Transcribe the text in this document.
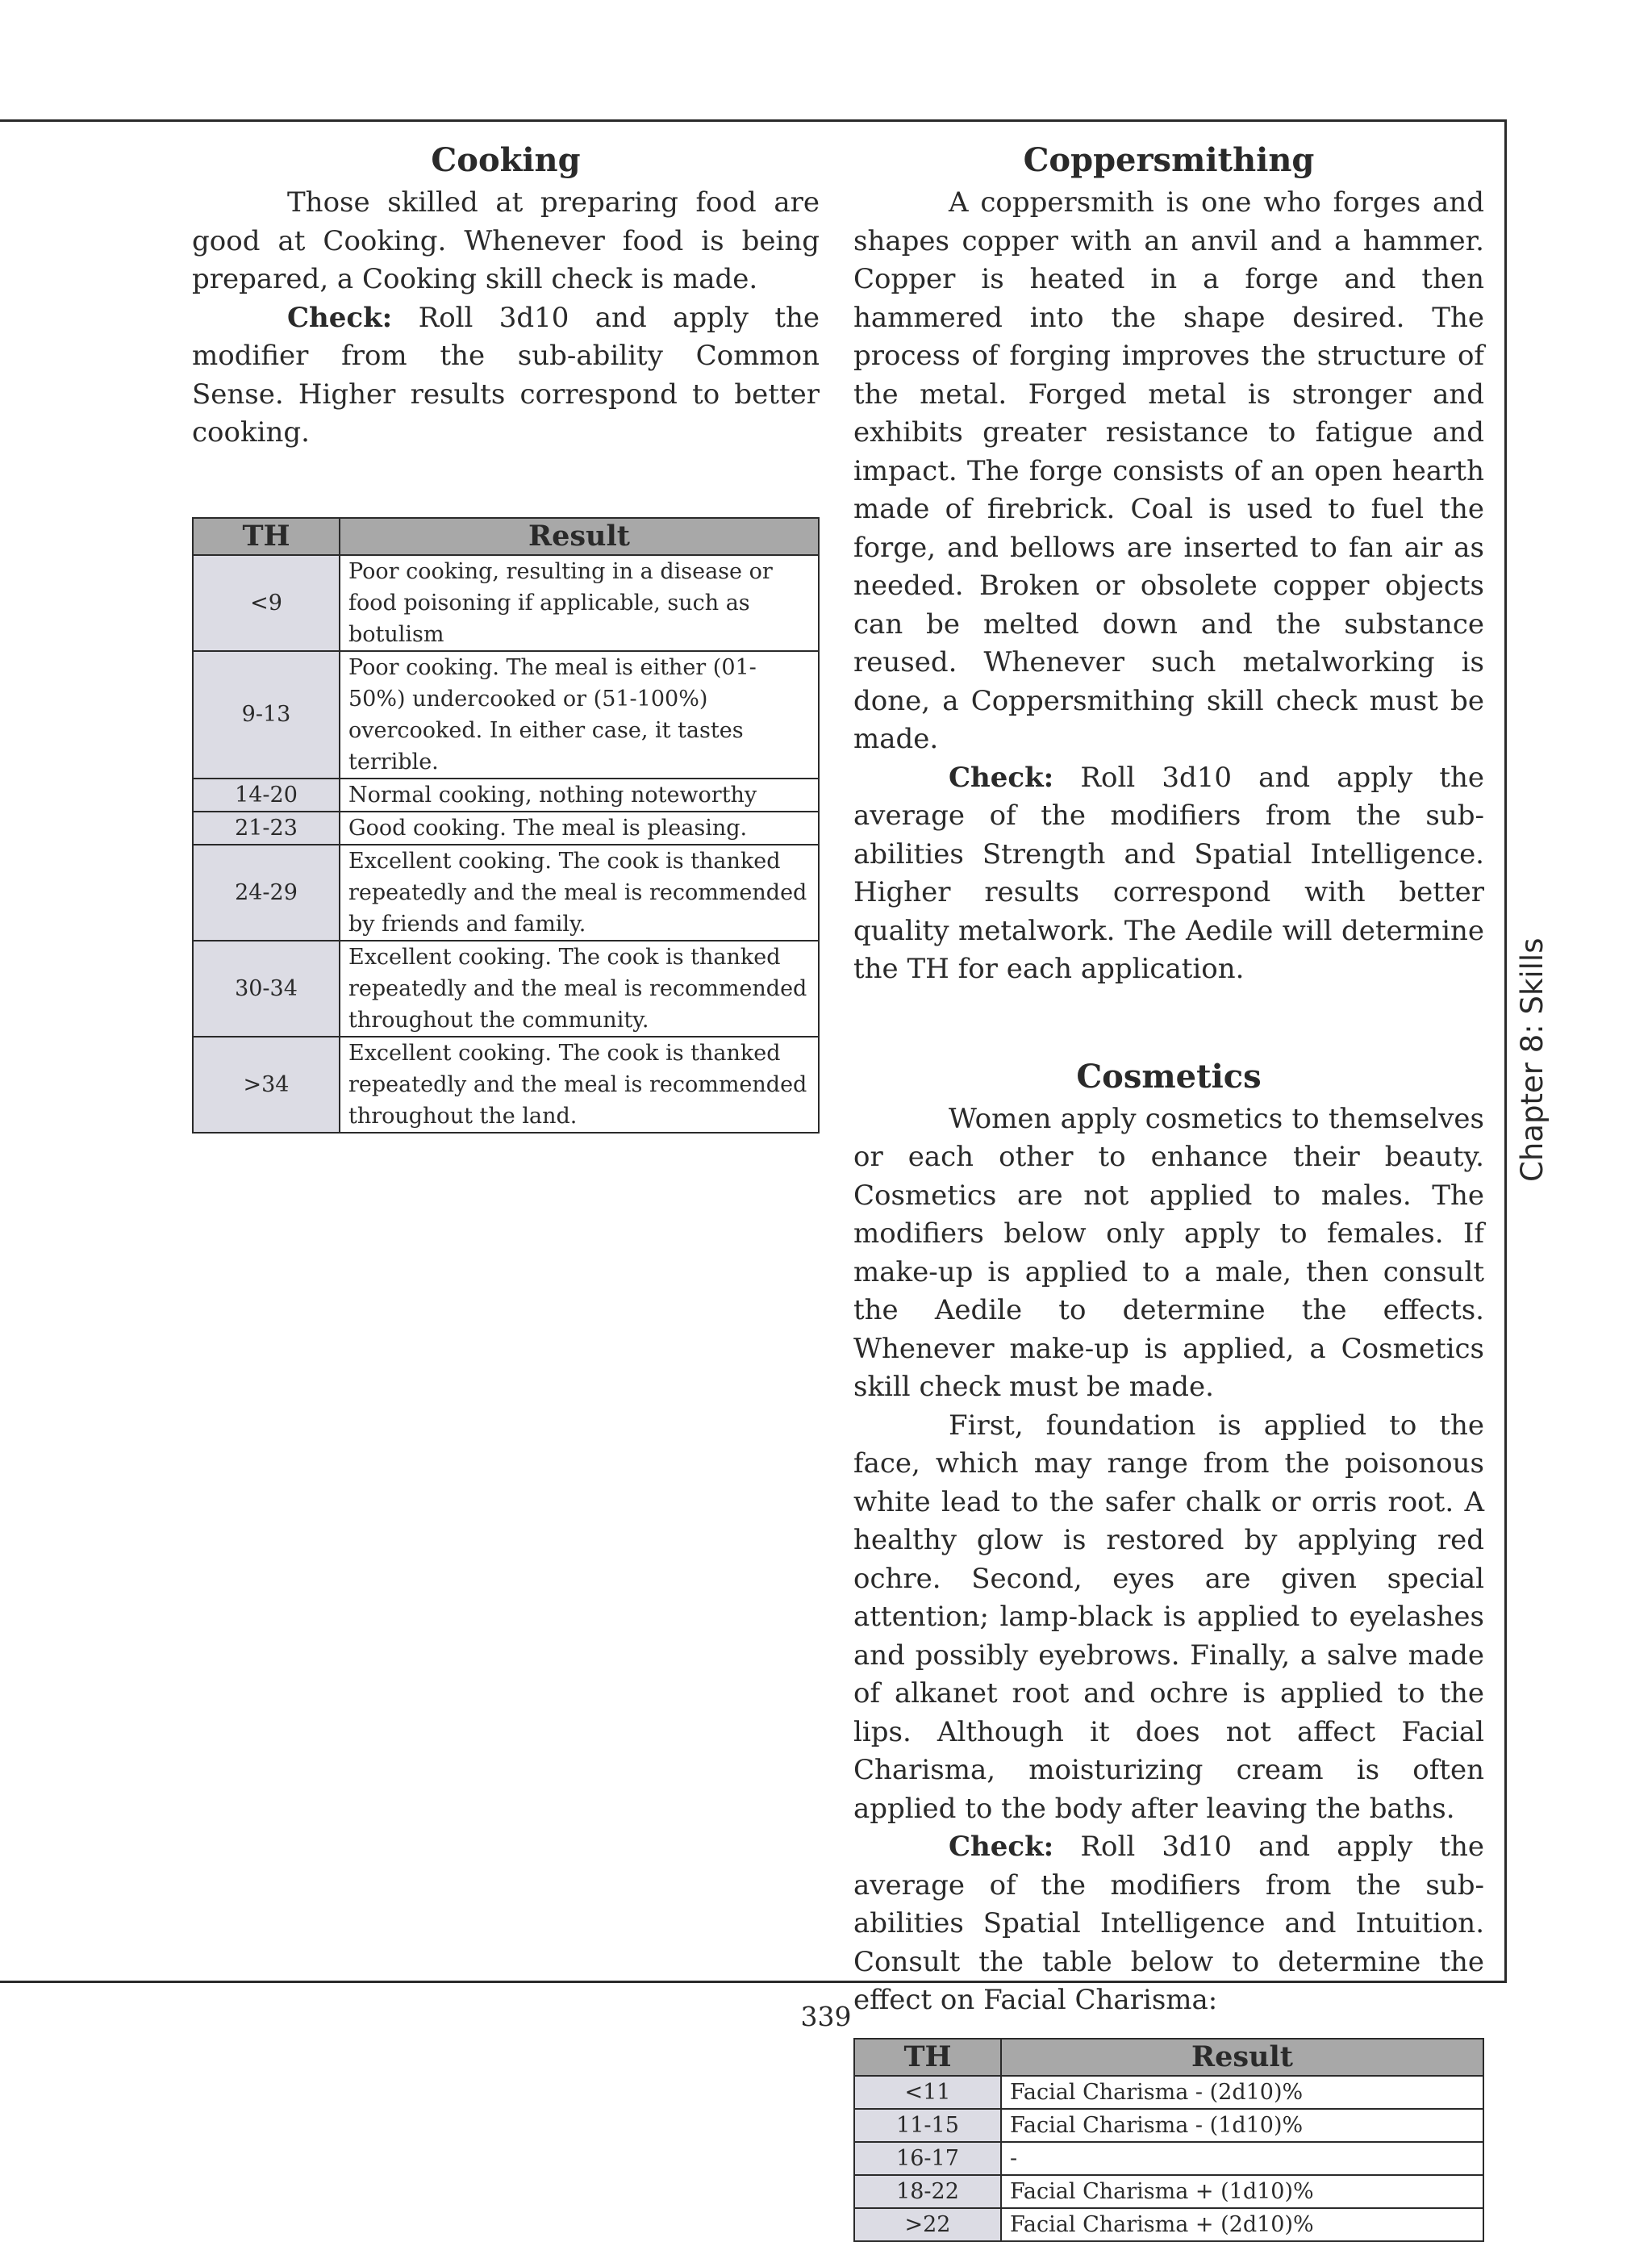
Cooking

Those skilled at preparing food are good at Cooking. Whenever food is being prepared, a Cooking skill check is made.

Check: Roll 3d10 and apply the modifier from the sub-ability Common Sense. Higher results correspond to better cooking.

TH	Result
<9	Poor cooking, resulting in a disease or food poisoning if applicable, such as botulism
9-13	Poor cooking. The meal is either (01-50%) undercooked or (51-100%) overcooked. In either case, it tastes terrible.
14-20	Normal cooking, nothing noteworthy
21-23	Good cooking. The meal is pleasing.
24-29	Excellent cooking. The cook is thanked repeatedly and the meal is recommended by friends and family.
30-34	Excellent cooking. The cook is thanked repeatedly and the meal is recommended throughout the community.
>34	Excellent cooking. The cook is thanked repeatedly and the meal is recommended throughout the land.
Coppersmithing

A coppersmith is one who forges and shapes copper with an anvil and a hammer. Copper is heated in a forge and then hammered into the shape desired. The process of forging improves the structure of the metal. Forged metal is stronger and exhibits greater resistance to fatigue and impact. The forge consists of an open hearth made of firebrick. Coal is used to fuel the forge, and bellows are inserted to fan air as needed. Broken or obsolete copper objects can be melted down and the substance reused. Whenever such metalworking is done, a Coppersmithing skill check must be made.

Check: Roll 3d10 and apply the average of the modifiers from the sub-abilities Strength and Spatial Intelligence. Higher results correspond with better quality metalwork. The Aedile will determine the TH for each application.

Cosmetics

Women apply cosmetics to themselves or each other to enhance their beauty. Cosmetics are not applied to males. The modifiers below only apply to females. If make-up is applied to a male, then consult the Aedile to determine the effects. Whenever make-up is applied, a Cosmetics skill check must be made.

First, foundation is applied to the face, which may range from the poisonous white lead to the safer chalk or orris root. A healthy glow is restored by applying red ochre. Second, eyes are given special attention; lamp-black is applied to eyelashes and possibly eyebrows. Finally, a salve made of alkanet root and ochre is applied to the lips. Although it does not affect Facial Charisma, moisturizing cream is often applied to the body after leaving the baths.

Check: Roll 3d10 and apply the average of the modifiers from the sub-abilities Spatial Intelligence and Intuition. Consult the table below to determine the effect on Facial Charisma:

TH	Result
<11	Facial Charisma - (2d10)%
11-15	Facial Charisma - (1d10)%
16-17	-
18-22	Facial Charisma + (1d10)%
>22	Facial Charisma + (2d10)%
Chapter 8: Skills
339
